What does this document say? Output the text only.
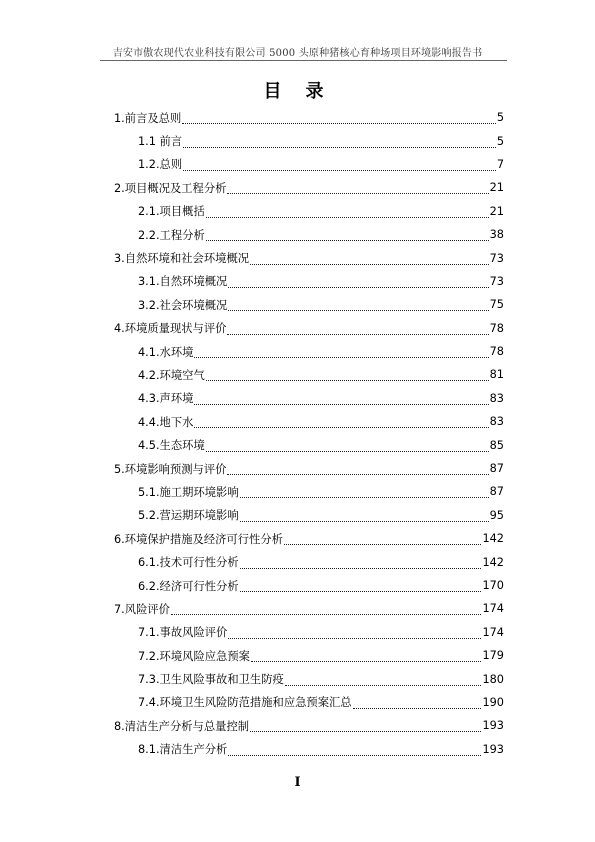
吉安市傲农现代农业科技有限公司 5000 头原种猪核心育种场项目环境影响报告书
目 录
1.前言及总则	5
1.1 前言	5
1.2.总则	7
2.项目概况及工程分析	21
2.1.项目概括	21
2.2.工程分析	38
3.自然环境和社会环境概况	73
3.1.自然环境概况	73
3.2.社会环境概况	75
4.环境质量现状与评价	78
4.1.水环境	78
4.2.环境空气	81
4.3.声环境	83
4.4.地下水	83
4.5.生态环境	85
5.环境影响预测与评价	87
5.1.施工期环境影响	87
5.2.营运期环境影响	95
6.环境保护措施及经济可行性分析	142
6.1.技术可行性分析	142
6.2.经济可行性分析	170
7.风险评价	174
7.1.事故风险评价	174
7.2.环境风险应急预案	179
7.3.卫生风险事故和卫生防疫	180
7.4.环境卫生风险防范措施和应急预案汇总	190
8.清洁生产分析与总量控制	193
8.1.清洁生产分析	193
I
